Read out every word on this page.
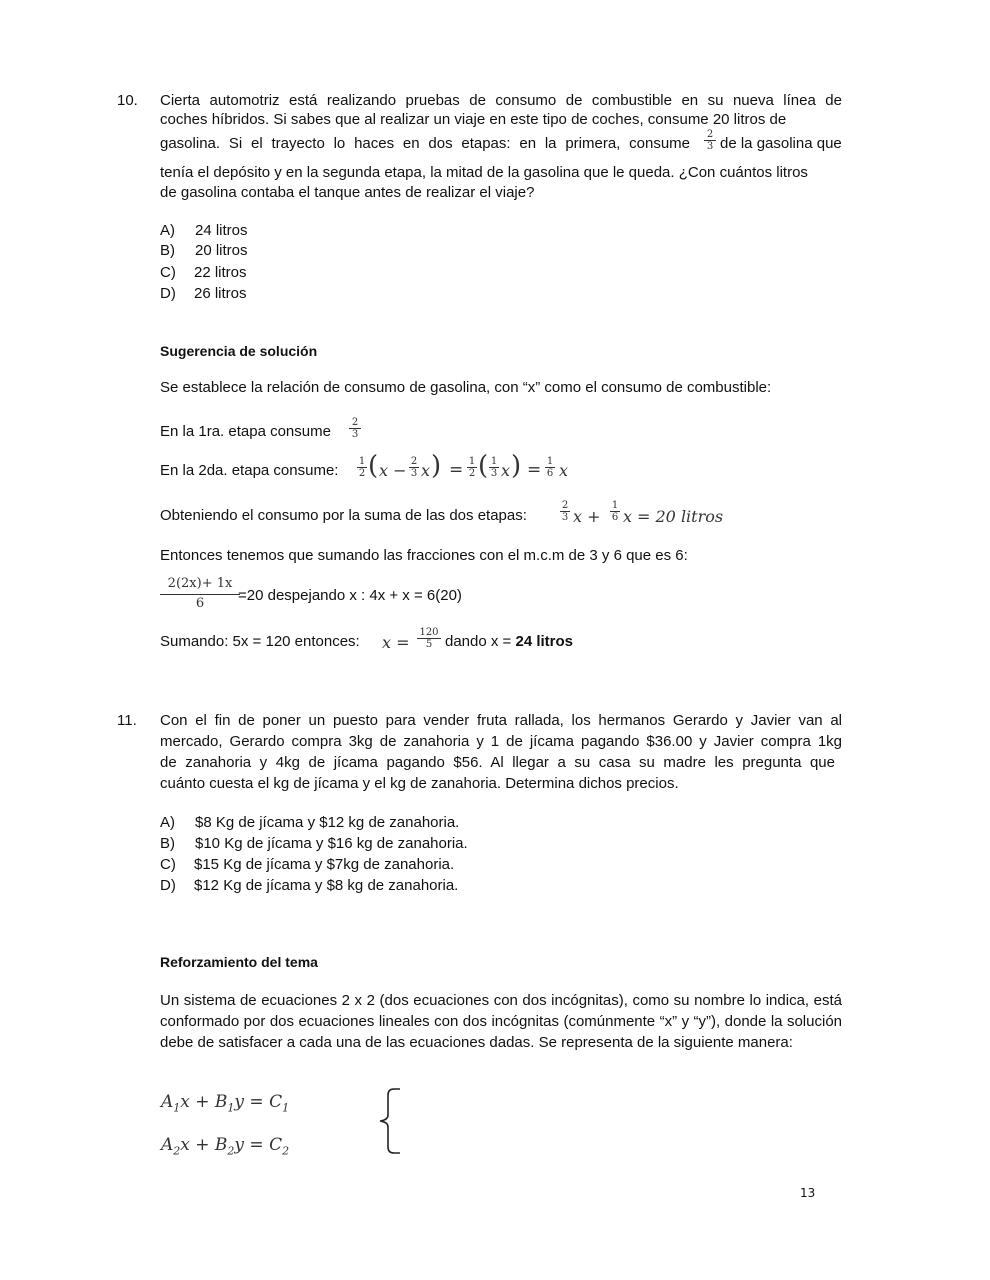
10. Cierta automotriz está realizando pruebas de consumo de combustible en su nueva línea de
coches híbridos. Si sabes que al realizar un viaje en este tipo de coches, consume 20 litros de
gasolina. Si el trayecto lo haces en dos etapas: en la primera, consume
2
3 de la gasolina que
tenía el depósito y en la segunda etapa, la mitad de la gasolina que le queda. ¿Con cuántos litros
de gasolina contaba el tanque antes de realizar el viaje?
A) 24 litros
B) 20 litros
C) 22 litros
D) 26 litros
Sugerencia de solución
Se establece la relación de consumo de gasolina, con “x” como el consumo de combustible:
En la 1ra. etapa consume
2
3
En la 2da. etapa consume:
1
2 ( x − 2
3 x ) = 1
2 ( 1
3 x ) = 1
6 x
Obteniendo el consumo por la suma de las dos etapas:
2
3 x +
1
6 x = 20 litros
Entonces tenemos que sumando las fracciones con el m.c.m de 3 y 6 que es 6:
2(2x)+ 1x
6	=20 despejando x : 4x + x = 6(20)
Sumando: 5x = 120 entonces: x =
120
5 dando x = 24 litros
11. Con el fin de poner un puesto para vender fruta rallada, los hermanos Gerardo y Javier van al
mercado, Gerardo compra 3kg de zanahoria y 1 de jícama pagando $36.00 y Javier compra 1kg
de zanahoria y 4kg de jícama pagando $56. Al llegar a su casa su madre les pregunta que
cuánto cuesta el kg de jícama y el kg de zanahoria. Determina dichos precios.
A) $8 Kg de jícama y $12 kg de zanahoria.
B) $10 Kg de jícama y $16 kg de zanahoria.
C) $15 Kg de jícama y $7kg de zanahoria.
D) $12 Kg de jícama y $8 kg de zanahoria.
Reforzamiento del tema
Un sistema de ecuaciones 2 x 2 (dos ecuaciones con dos incógnitas), como su nombre lo indica, está conformado por dos ecuaciones lineales con dos incógnitas (comúnmente “x” y “y”), donde la solución debe de satisfacer a cada una de las ecuaciones dadas. Se representa de la siguiente manera:
$A_1x + B_1y = C_1$
$A_2x + B_2y = C_2$
13
